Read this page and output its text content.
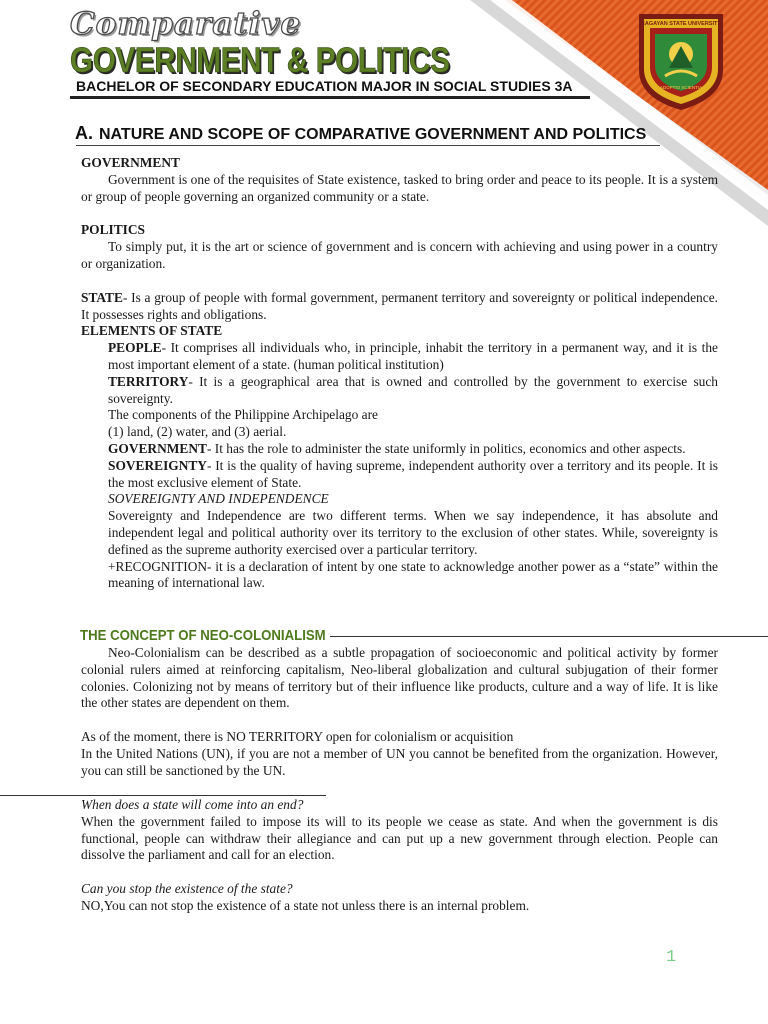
Comparative
GOVERNMENT & POLITICS
BACHELOR OF SECONDARY EDUCATION MAJOR IN SOCIAL STUDIES 3A
CAGAYAN STATE UNIVERSITY
ADOPTIO SCIENTIA
A. NATURE AND SCOPE OF COMPARATIVE GOVERNMENT AND POLITICS

GOVERNMENT

Government is one of the requisites of State existence, tasked to bring order and peace to its people. It is a system or group of people governing an organized community or a state.

POLITICS

To simply put, it is the art or science of government and is concern with achieving and using power in a country or organization.

STATE- Is a group of people with formal government, permanent territory and sovereignty or political independence. It possesses rights and obligations.

ELEMENTS OF STATE

PEOPLE- It comprises all individuals who, in principle, inhabit the territory in a permanent way, and it is the most important element of a state. (human political institution)

TERRITORY- It is a geographical area that is owned and controlled by the government to exercise such sovereignty.

The components of the Philippine Archipelago are

(1) land, (2) water, and (3) aerial.

GOVERNMENT- It has the role to administer the state uniformly in politics, economics and other aspects.

SOVEREIGNTY- It is the quality of having supreme, independent authority over a territory and its people. It is the most exclusive element of State.

SOVEREIGNTY AND INDEPENDENCE

Sovereignty and Independence are two different terms. When we say independence, it has absolute and independent legal and political authority over its territory to the exclusion of other states. While, sovereignty is defined as the supreme authority exercised over a particular territory.

+RECOGNITION- it is a declaration of intent by one state to acknowledge another power as a “state” within the meaning of international law.

THE CONCEPT OF NEO-COLONIALISM

Neo-Colonialism can be described as a subtle propagation of socioeconomic and political activity by former colonial rulers aimed at reinforcing capitalism, Neo-liberal globalization and cultural subjugation of their former colonies. Colonizing not by means of territory but of their influence like products, culture and a way of life. It is like the other states are dependent on them.

As of the moment, there is NO TERRITORY open for colonialism or acquisition

In the United Nations (UN), if you are not a member of UN you cannot be benefited from the organization. However, you can still be sanctioned by the UN.

When does a state will come into an end?

When the government failed to impose its will to its people we cease as state. And when the government is dis functional, people can withdraw their allegiance and can put up a new government through election. People can dissolve the parliament and call for an election.

Can you stop the existence of the state?

NO,You can not stop the existence of a state not unless there is an internal problem.

1
